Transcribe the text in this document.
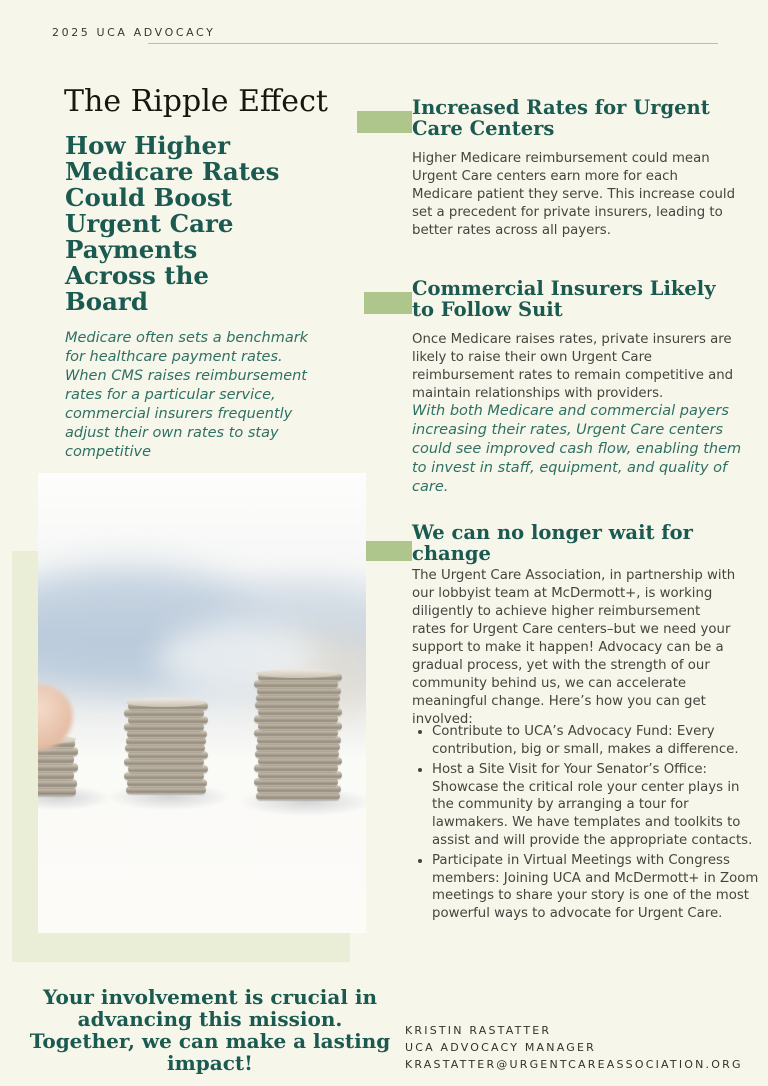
2025 UCA ADVOCACY
The Ripple Effect
How Higher
Medicare Rates
Could Boost
Urgent Care
Payments
Across the
Board
Medicare often sets a benchmark for healthcare payment rates. When CMS raises reimbursement rates for a particular service, commercial insurers frequently adjust their own rates to stay competitive
Increased Rates for Urgent Care Centers
Higher Medicare reimbursement could mean Urgent Care centers earn more for each Medicare patient they serve. This increase could set a precedent for private insurers, leading to better rates across all payers.
Commercial Insurers Likely to Follow Suit
Once Medicare raises rates, private insurers are likely to raise their own Urgent Care reimbursement rates to remain competitive and maintain relationships with providers.
With both Medicare and commercial payers increasing their rates, Urgent Care centers could see improved cash flow, enabling them to invest in staff, equipment, and quality of care.
We can no longer wait for change
The Urgent Care Association, in partnership with our lobbyist team at McDermott+, is working diligently to achieve higher reimbursement rates for Urgent Care centers–but we need your support to make it happen! Advocacy can be a gradual process, yet with the strength of our community behind us, we can accelerate meaningful change. Here’s how you can get involved:
• Contribute to UCA’s Advocacy Fund: Every contribution, big or small, makes a difference.
• Host a Site Visit for Your Senator’s Office: Showcase the critical role your center plays in the community by arranging a tour for lawmakers. We have templates and toolkits to assist and will provide the appropriate contacts.
• Participate in Virtual Meetings with Congress members: Joining UCA and McDermott+ in Zoom meetings to share your story is one of the most powerful ways to advocate for Urgent Care.
Your involvement is crucial in
advancing this mission.
Together, we can make a lasting
impact!
KRISTIN RASTATTER
UCA ADVOCACY MANAGER
KRASTATTER@URGENTCAREASSOCIATION.ORG
